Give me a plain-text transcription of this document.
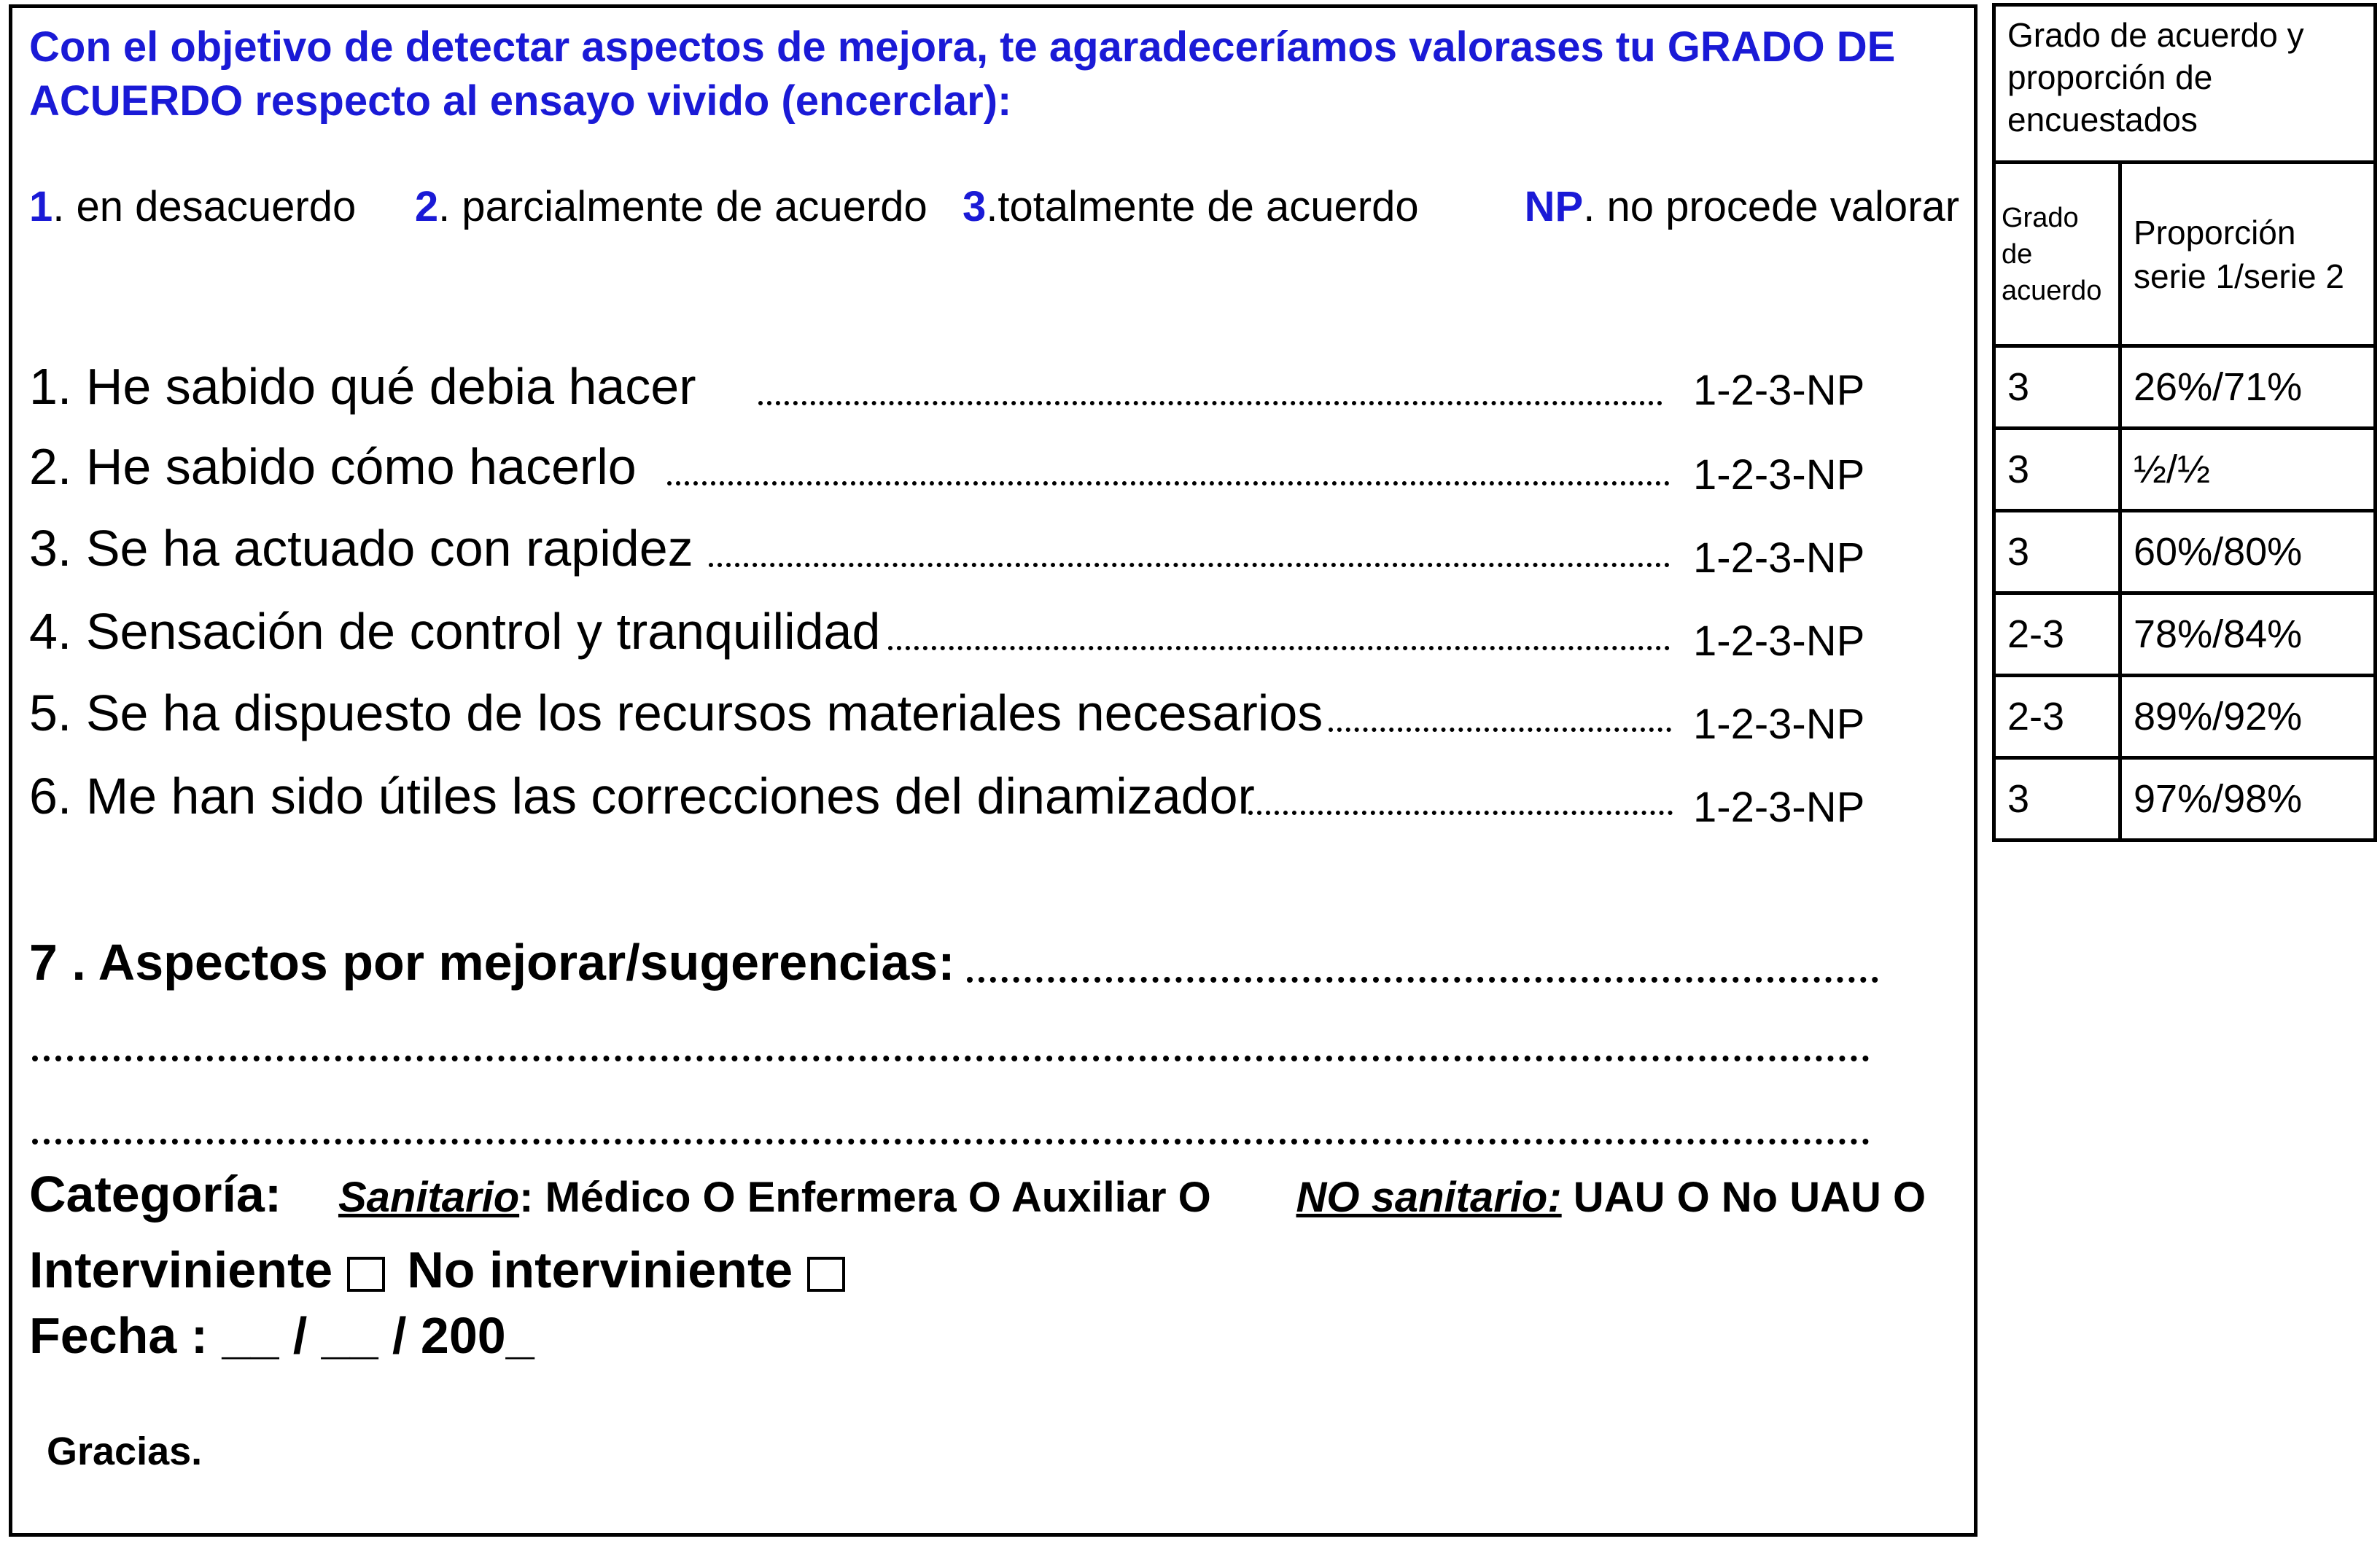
Con el objetivo de detectar aspectos de mejora, te agaradeceríamos valorases tu GRADO DE ACUERDO respecto al ensayo vivido (encerclar):
1. en desacuerdo 2. parcialmente de acuerdo 3.totalmente de acuerdo	NP. no procede valorar
1. He sabido qué debia hacer	1-2-3-NP
2. He sabido cómo hacerlo	1-2-3-NP
3. Se ha actuado con rapidez	1-2-3-NP
4. Sensación de control y tranquilidad	1-2-3-NP
5. Se ha dispuesto de los recursos materiales necesarios	1-2-3-NP
6. Me han sido útiles las correcciones del dinamizador	1-2-3-NP
7 . Aspectos por mejorar/sugerencias:
Categoría: Sanitario: Médico O Enfermera O Auxiliar O NO sanitario: UAU O No UAU O
Interviniente No interviniente
Fecha : __ / __ / 200_
Gracias.
Grado de acuerdo y proporción de encuestados	
Grado de acuerdo	Proporción serie 1/serie 2
3	26%/71%
3	½/½
3	60%/80%
2-3	78%/84%
2-3	89%/92%
3	97%/98%
